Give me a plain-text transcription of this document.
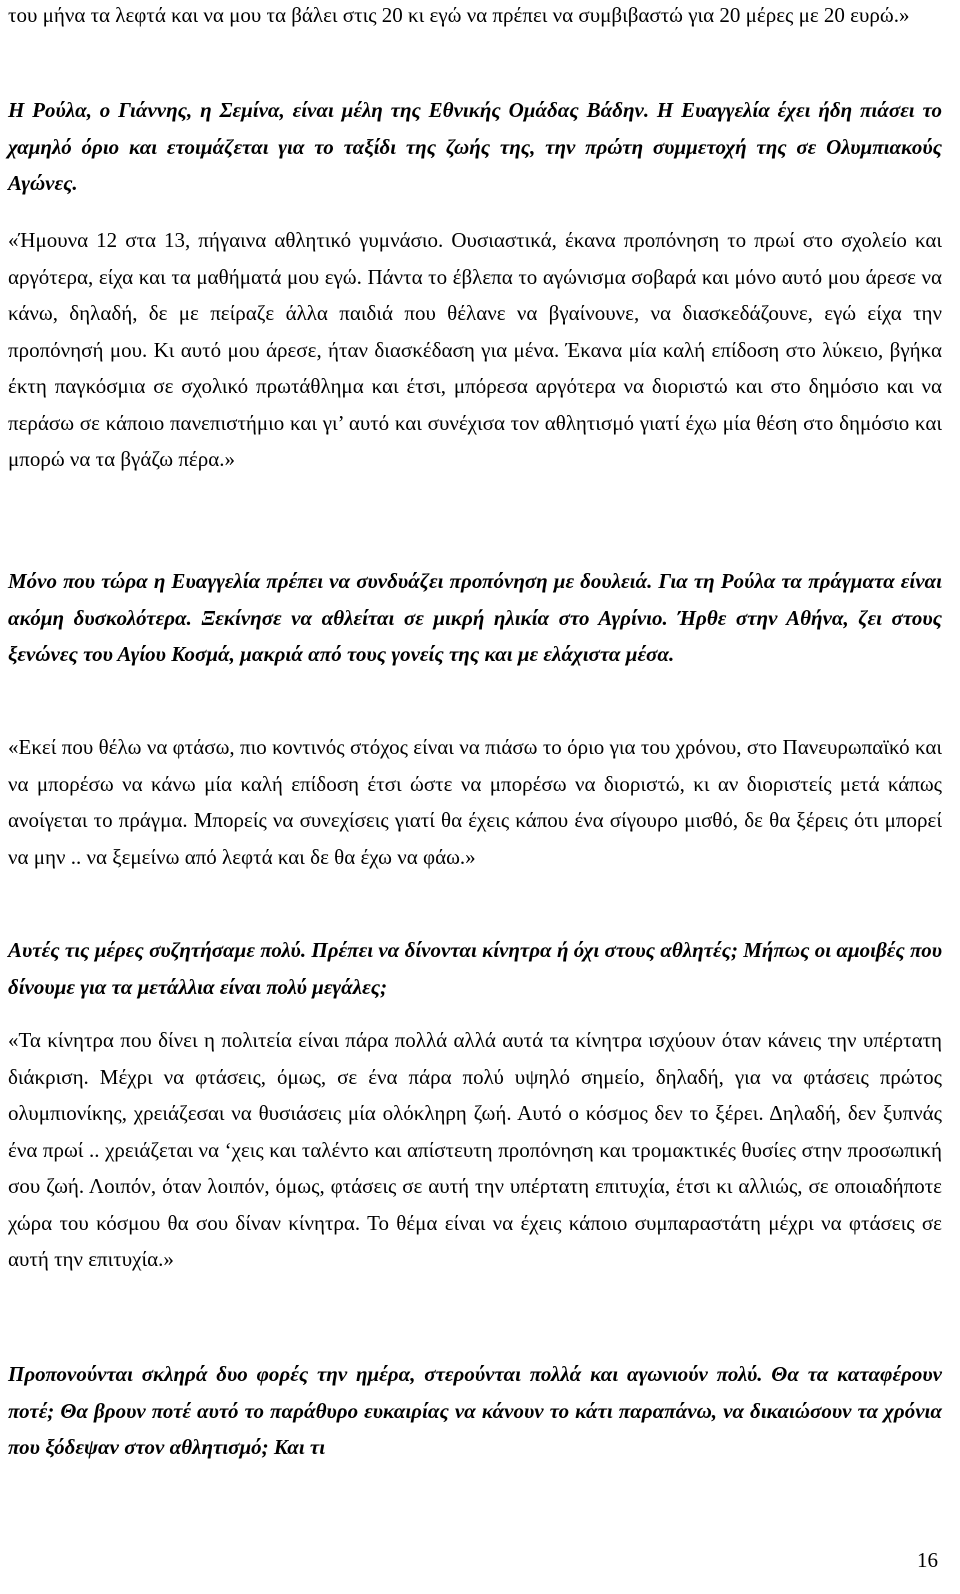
του μήνα τα λεφτά και να μου τα βάλει στις 20 κι εγώ να πρέπει να συμβιβαστώ για 20 μέρες με 20 ευρώ.»

Η Ρούλα, ο Γιάννης, η Σεμίνα, είναι μέλη της Εθνικής Ομάδας Βάδην. Η Ευαγγελία έχει ήδη πιάσει το χαμηλό όριο και ετοιμάζεται για το ταξίδι της ζωής της, την πρώτη συμμετοχή της σε Ολυμπιακούς Αγώνες.

«Ήμουνα 12 στα 13, πήγαινα αθλητικό γυμνάσιο. Ουσιαστικά, έκανα προπόνηση το πρωί στο σχολείο και αργότερα, είχα και τα μαθήματά μου εγώ. Πάντα το έβλεπα το αγώνισμα σοβαρά και μόνο αυτό μου άρεσε να κάνω, δηλαδή, δε με πείραζε άλλα παιδιά που θέλανε να βγαίνουνε, να διασκεδάζουνε, εγώ είχα την προπόνησή μου. Κι αυτό μου άρεσε, ήταν διασκέδαση για μένα. Έκανα μία καλή επίδοση στο λύκειο, βγήκα έκτη παγκόσμια σε σχολικό πρωτάθλημα και έτσι, μπόρεσα αργότερα να διοριστώ και στο δημόσιο και να περάσω σε κάποιο πανεπιστήμιο και γι’ αυτό και συνέχισα τον αθλητισμό γιατί έχω μία θέση στο δημόσιο και μπορώ να τα βγάζω πέρα.»

Μόνο που τώρα η Ευαγγελία πρέπει να συνδυάζει προπόνηση με δουλειά. Για τη Ρούλα τα πράγματα είναι ακόμη δυσκολότερα. Ξεκίνησε να αθλείται σε μικρή ηλικία στο Αγρίνιο. Ήρθε στην Αθήνα, ζει στους ξενώνες του Αγίου Κοσμά, μακριά από τους γονείς της και με ελάχιστα μέσα.

«Εκεί που θέλω να φτάσω, πιο κοντινός στόχος είναι να πιάσω το όριο για του χρόνου, στο Πανευρωπαϊκό και να μπορέσω να κάνω μία καλή επίδοση έτσι ώστε να μπορέσω να διοριστώ, κι αν διοριστείς μετά κάπως ανοίγεται το πράγμα. Μπορείς να συνεχίσεις γιατί θα έχεις κάπου ένα σίγουρο μισθό, δε θα ξέρεις ότι μπορεί να μην .. να ξεμείνω από λεφτά και δε θα έχω να φάω.»

Αυτές τις μέρες συζητήσαμε πολύ. Πρέπει να δίνονται κίνητρα ή όχι στους αθλητές; Μήπως οι αμοιβές που δίνουμε για τα μετάλλια είναι πολύ μεγάλες;

«Τα κίνητρα που δίνει η πολιτεία είναι πάρα πολλά αλλά αυτά τα κίνητρα ισχύουν όταν κάνεις την υπέρτατη διάκριση. Μέχρι να φτάσεις, όμως, σε ένα πάρα πολύ υψηλό σημείο, δηλαδή, για να φτάσεις πρώτος ολυμπιονίκης, χρειάζεσαι να θυσιάσεις μία ολόκληρη ζωή. Αυτό ο κόσμος δεν το ξέρει. Δηλαδή, δεν ξυπνάς ένα πρωί .. χρειάζεται να ‘χεις και ταλέντο και απίστευτη προπόνηση και τρομακτικές θυσίες στην προσωπική σου ζωή. Λοιπόν, όταν λοιπόν, όμως, φτάσεις σε αυτή την υπέρτατη επιτυχία, έτσι κι αλλιώς, σε οποιαδήποτε χώρα του κόσμου θα σου δίναν κίνητρα. Το θέμα είναι να έχεις κάποιο συμπαραστάτη μέχρι να φτάσεις σε αυτή την επιτυχία.»

Προπονούνται σκληρά δυο φορές την ημέρα, στερούνται πολλά και αγωνιούν πολύ. Θα τα καταφέρουν ποτέ; Θα βρουν ποτέ αυτό το παράθυρο ευκαιρίας να κάνουν το κάτι παραπάνω, να δικαιώσουν τα χρόνια που ξόδεψαν στον αθλητισμό; Και τι

16
